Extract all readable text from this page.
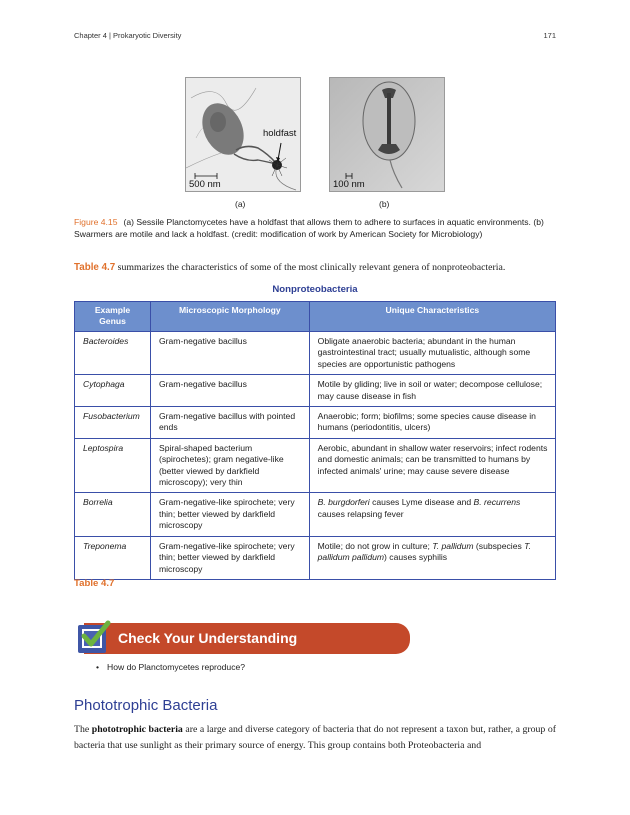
Chapter 4 | Prokaryotic Diversity	171
holdfast
500 nm	100 nm
(a)	(b)
Figure 4.15 (a) Sessile Planctomycetes have a holdfast that allows them to adhere to surfaces in aquatic environments. (b) Swarmers are motile and lack a holdfast. (credit: modification of work by American Society for Microbiology)
Table 4.7 summarizes the characteristics of some of the most clinically relevant genera of nonproteobacteria.
Nonproteobacteria
Example Genus	Microscopic Morphology	Unique Characteristics
Bacteroides	Gram-negative bacillus	Obligate anaerobic bacteria; abundant in the human gastrointestinal tract; usually mutualistic, although some species are opportunistic pathogens
Cytophaga	Gram-negative bacillus	Motile by gliding; live in soil or water; decompose cellulose; may cause disease in fish
Fusobacterium	Gram-negative bacillus with pointed ends	Anaerobic; form; biofilms; some species cause disease in humans (periodontitis, ulcers)
Leptospira	Spiral-shaped bacterium (spirochetes); gram negative-like (better viewed by darkfield microscopy); very thin	Aerobic, abundant in shallow water reservoirs; infect rodents and domestic animals; can be transmitted to humans by infected animals' urine; may cause severe disease
Borrelia	Gram-negative-like spirochete; very thin; better viewed by darkfield microscopy	B. burgdorferi causes Lyme disease and B. recurrens causes relapsing fever
Treponema	Gram-negative-like spirochete; very thin; better viewed by darkfield microscopy	Motile; do not grow in culture; T. pallidum (subspecies T. pallidum pallidum) causes syphilis
Table 4.7
Check Your Understanding
• How do Planctomycetes reproduce?
Phototrophic Bacteria
The phototrophic bacteria are a large and diverse category of bacteria that do not represent a taxon but, rather, a group of bacteria that use sunlight as their primary source of energy. This group contains both Proteobacteria and
